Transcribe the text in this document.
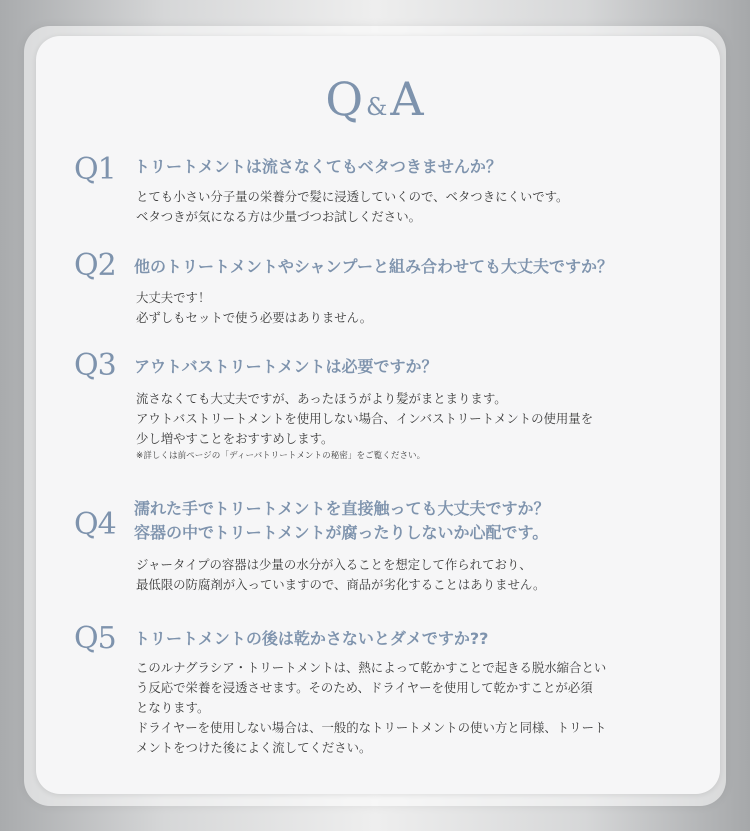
Q&A
Q1 トリートメントは流さなくてもベタつきませんか？
とても小さい分子量の栄養分で髪に浸透していくので、ベタつきにくいです。
ベタつきが気になる方は少量づつお試しください。
Q2 他のトリートメントやシャンプーと組み合わせても大丈夫ですか？
大丈夫です！
必ずしもセットで使う必要はありません。
Q3 アウトバストリートメントは必要ですか？
流さなくても大丈夫ですが、あったほうがより髪がまとまります。
アウトバストリートメントを使用しない場合、インバストリートメントの使用量を
少し増やすことをおすすめします。
※詳しくは前ページの「ディーバトリートメントの秘密」をご覧ください。
Q4 濡れた手でトリートメントを直接触っても大丈夫ですか？
容器の中でトリートメントが腐ったりしないか心配です。
ジャータイプの容器は少量の水分が入ることを想定して作られており、
最低限の防腐剤が入っていますので、商品が劣化することはありません。
Q5 トリートメントの後は乾かさないとダメですか??
このルナグラシア・トリートメントは、熱によって乾かすことで起きる脱水縮合とい
う反応で栄養を浸透させます。そのため、ドライヤーを使用して乾かすことが必須
となります。
ドライヤーを使用しない場合は、一般的なトリートメントの使い方と同様、トリート
メントをつけた後によく流してください。
